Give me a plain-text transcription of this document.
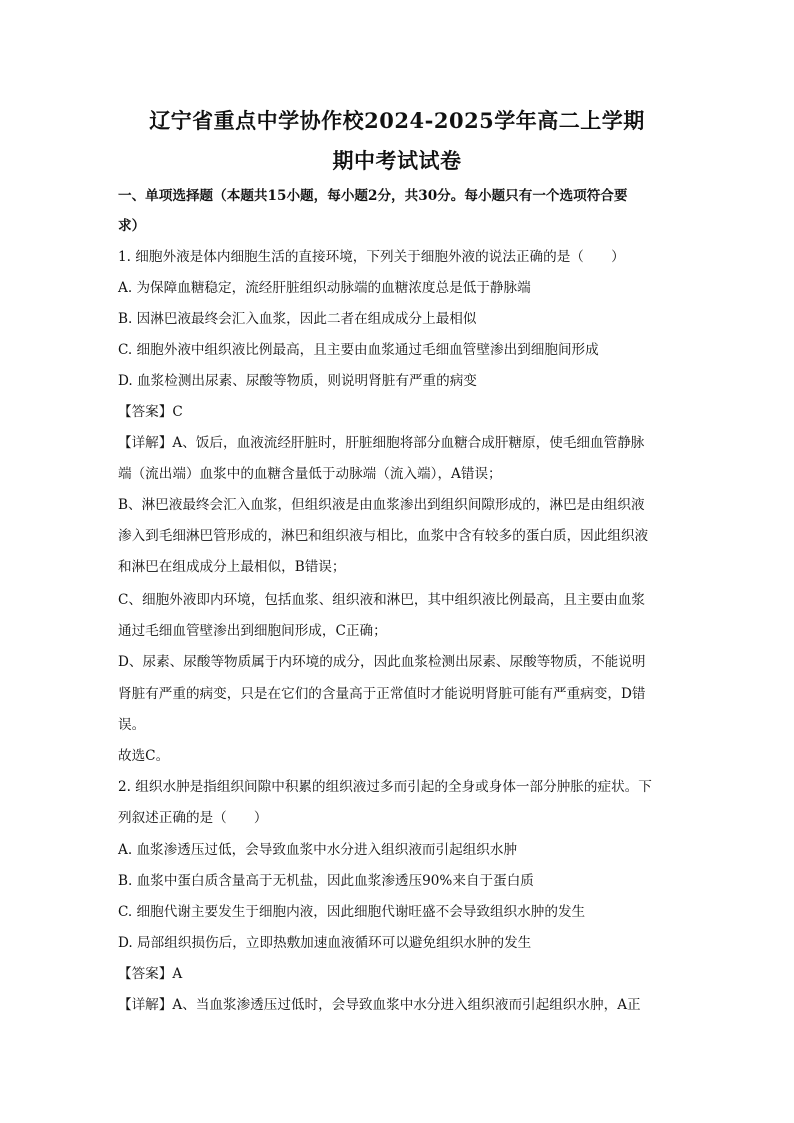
辽宁省重点中学协作校2024-2025学年高二上学期
期中考试试卷
一、单项选择题（本题共15小题，每小题2分，共30分。每小题只有一个选项符合要
求）
1. 细胞外液是体内细胞生活的直接环境，下列关于细胞外液的说法正确的是（　　）
A. 为保障血糖稳定，流经肝脏组织动脉端的血糖浓度总是低于静脉端
B. 因淋巴液最终会汇入血浆，因此二者在组成成分上最相似
C. 细胞外液中组织液比例最高，且主要由血浆通过毛细血管壁渗出到细胞间形成
D. 血浆检测出尿素、尿酸等物质，则说明肾脏有严重的病变
【答案】C
【详解】A、饭后，血液流经肝脏时，肝脏细胞将部分血糖合成肝糖原，使毛细血管静脉
端（流出端）血浆中的血糖含量低于动脉端（流入端），A错误；
B、淋巴液最终会汇入血浆，但组织液是由血浆渗出到组织间隙形成的，淋巴是由组织液
渗入到毛细淋巴管形成的，淋巴和组织液与相比，血浆中含有较多的蛋白质，因此组织液
和淋巴在组成成分上最相似，B错误；
C、细胞外液即内环境，包括血浆、组织液和淋巴，其中组织液比例最高，且主要由血浆
通过毛细血管壁渗出到细胞间形成，C正确；
D、尿素、尿酸等物质属于内环境的成分，因此血浆检测出尿素、尿酸等物质，不能说明
肾脏有严重的病变，只是在它们的含量高于正常值时才能说明肾脏可能有严重病变，D错
误。
故选C。
2. 组织水肿是指组织间隙中积累的组织液过多而引起的全身或身体一部分肿胀的症状。下
列叙述正确的是（　　）
A. 血浆渗透压过低，会导致血浆中水分进入组织液而引起组织水肿
B. 血浆中蛋白质含量高于无机盐，因此血浆渗透压90%来自于蛋白质
C. 细胞代谢主要发生于细胞内液，因此细胞代谢旺盛不会导致组织水肿的发生
D. 局部组织损伤后，立即热敷加速血液循环可以避免组织水肿的发生
【答案】A
【详解】A、当血浆渗透压过低时，会导致血浆中水分进入组织液而引起组织水肿，A正
